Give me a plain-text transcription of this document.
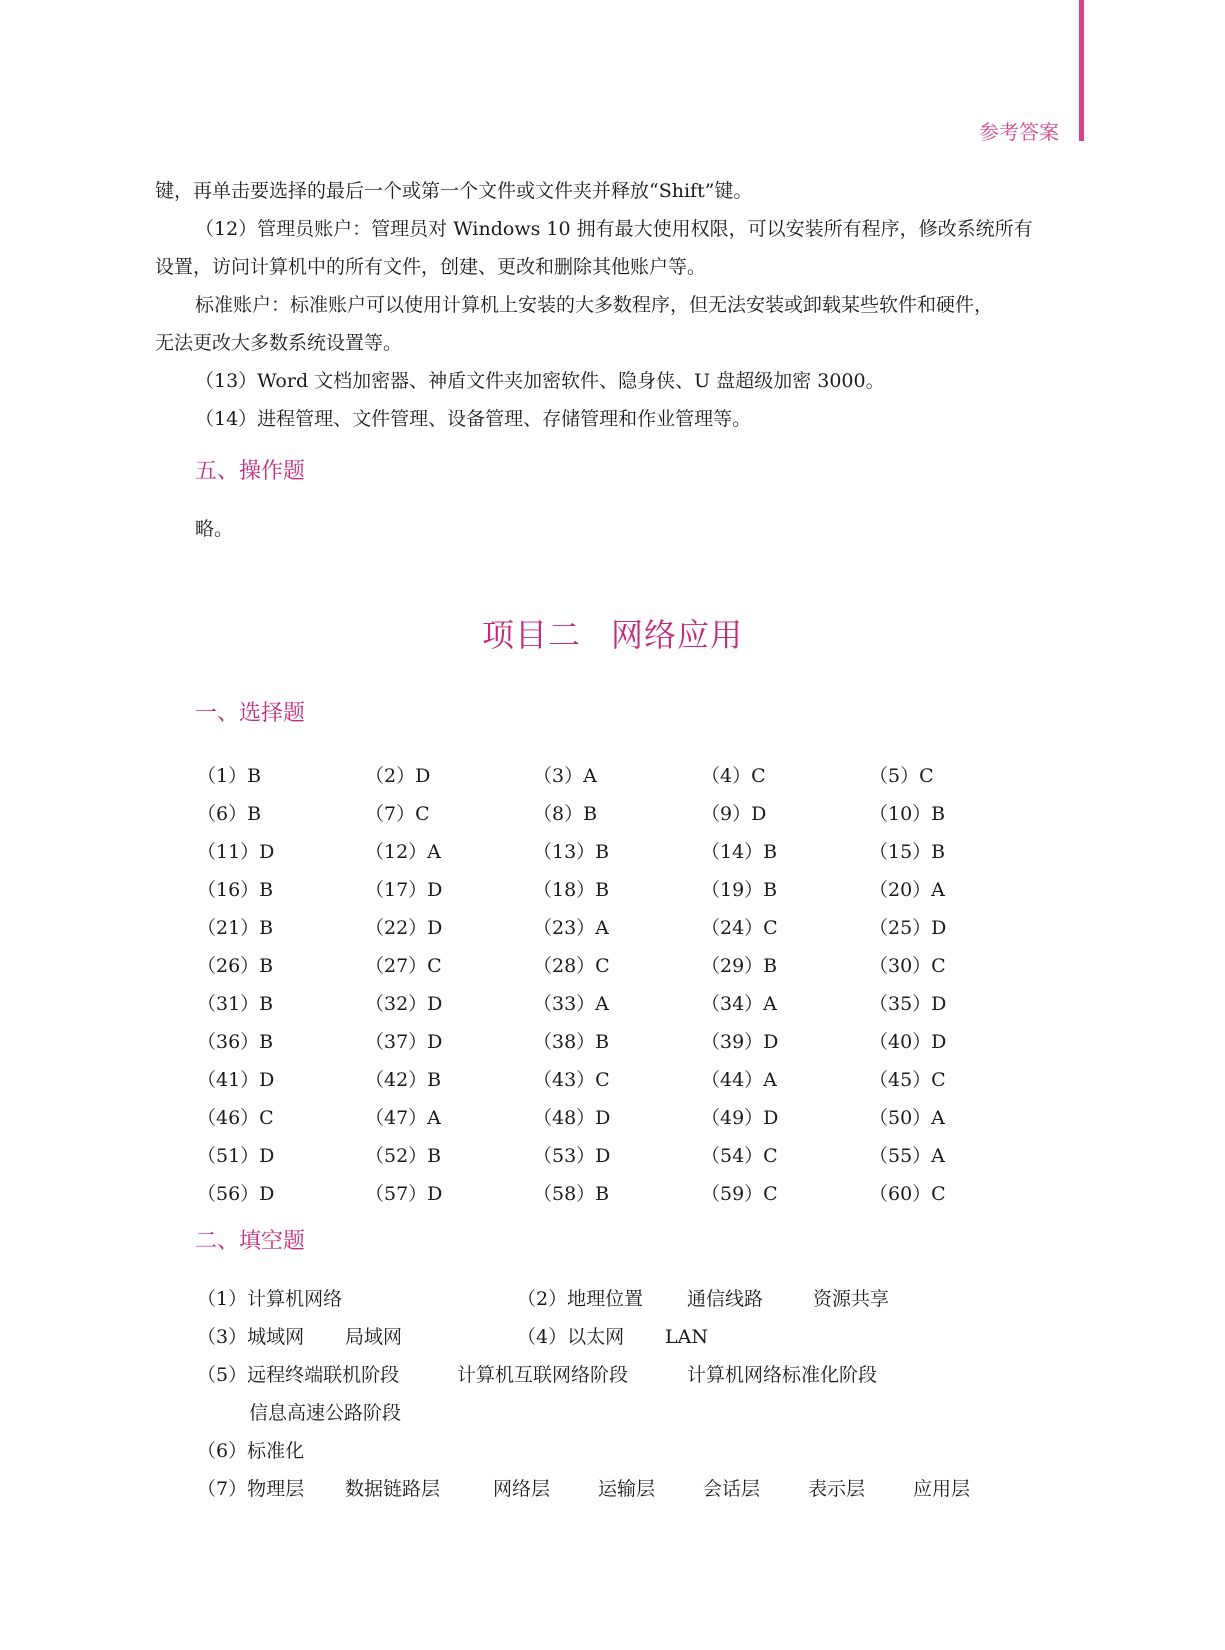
参考答案

键，再单击要选择的最后一个或第一个文件或文件夹并释放“Shift”键。

（12）管理员账户：管理员对 Windows 10 拥有最大使用权限，可以安装所有程序，修改系统所有

设置，访问计算机中的所有文件，创建、更改和删除其他账户等。

标准账户：标准账户可以使用计算机上安装的大多数程序，但无法安装或卸载某些软件和硬件，

无法更改大多数系统设置等。

（13）Word 文档加密器、神盾文件夹加密软件、隐身侠、U 盘超级加密 3000。

（14）进程管理、文件管理、设备管理、存储管理和作业管理等。

五、操作题
略。
项目二 网络应用
一、选择题
（1）B	（2）D	（3）A	（4）C	（5）C
（6）B	（7）C	（8）B	（9）D	（10）B
（11）D	（12）A	（13）B	（14）B	（15）B
（16）B	（17）D	（18）B	（19）B	（20）A
（21）B	（22）D	（23）A	（24）C	（25）D
（26）B	（27）C	（28）C	（29）B	（30）C
（31）B	（32）D	（33）A	（34）A	（35）D
（36）B	（37）D	（38）B	（39）D	（40）D
（41）D	（42）B	（43）C	（44）A	（45）C
（46）C	（47）A	（48）D	（49）D	（50）A
（51）D	（52）B	（53）D	（54）C	（55）A
（56）D	（57）D	（58）B	（59）C	（60）C
二、填空题
（1）计算机网络	（2）地理位置 通信线路	资源共享
（3）城域网 局域网	（4）以太网 LAN
（5）远程终端联机阶段	计算机互联网络阶段	计算机网络标准化阶段
信息高速公路阶段
（6）标准化
（7）物理层 数据链路层	网络层	运输层	会话层	表示层	应用层
